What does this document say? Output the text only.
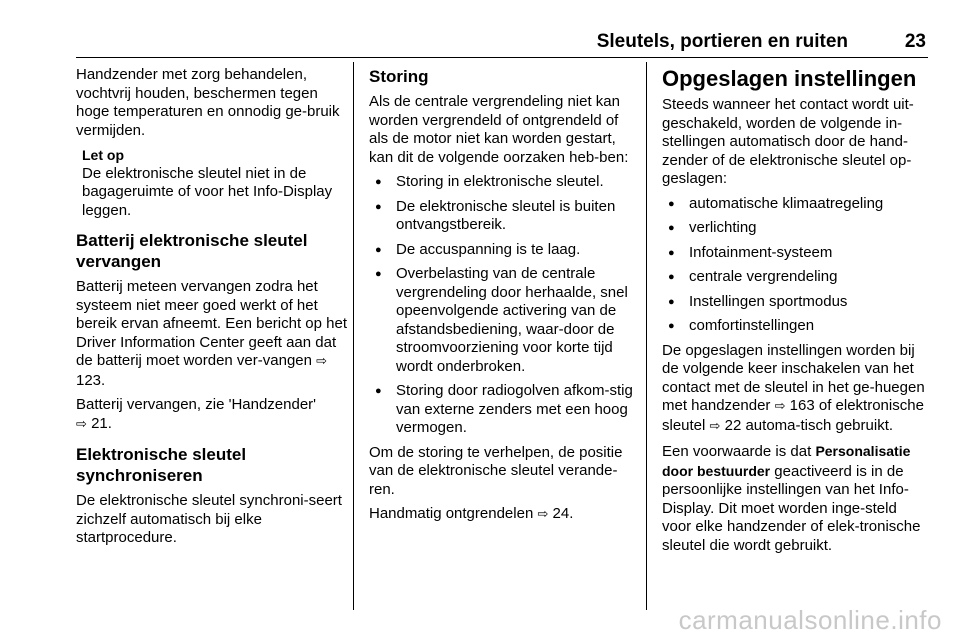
Sleutels, portieren en ruiten	23

Handzender met zorg behandelen, vochtvrij houden, beschermen tegen hoge temperaturen en onnodig ge-bruik vermijden.

Let op
De elektronische sleutel niet in de bagageruimte of voor het Info-Display leggen.
Batterij elektronische sleutel vervangen

Batterij meteen vervangen zodra het systeem niet meer goed werkt of het bereik ervan afneemt. Een bericht op het Driver Information Center geeft aan dat de batterij moet worden ver-vangen ⇨ 123.

Batterij vervangen, zie 'Handzender'
⇨ 21.

Elektronische sleutel synchroniseren

De elektronische sleutel synchroni-seert zichzelf automatisch bij elke startprocedure.

Storing

Als de centrale vergrendeling niet kan worden vergrendeld of ontgrendeld of als de motor niet kan worden gestart, kan dit de volgende oorzaken heb-ben:

● Storing in elektronische sleutel.
● De elektronische sleutel is buiten ontvangstbereik.
● De accuspanning is te laag.
● Overbelasting van de centrale vergrendeling door herhaalde, snel opeenvolgende activering van de afstandsbediening, waar-door de stroomvoorziening voor korte tijd wordt onderbroken.
● Storing door radiogolven afkom-stig van externe zenders met een hoog vermogen.

Om de storing te verhelpen, de positie van de elektronische sleutel verande-ren.

Handmatig ontgrendelen ⇨ 24.

Opgeslagen instellingen

Steeds wanneer het contact wordt uit-geschakeld, worden de volgende in-stellingen automatisch door de hand-zender of de elektronische sleutel op-geslagen:

● automatische klimaatregeling
● verlichting
● Infotainment-systeem
● centrale vergrendeling
● Instellingen sportmodus
● comfortinstellingen

De opgeslagen instellingen worden bij de volgende keer inschakelen van het contact met de sleutel in het ge-huegen met handzender ⇨ 163 of elektronische sleutel ⇨ 22 automa-tisch gebruikt.

Een voorwaarde is dat Personalisatie door bestuurder geactiveerd is in de persoonlijke instellingen van het Info-Display. Dit moet worden inge-steld voor elke handzender of elek-tronische sleutel die wordt gebruikt.

carmanualsonline.info
